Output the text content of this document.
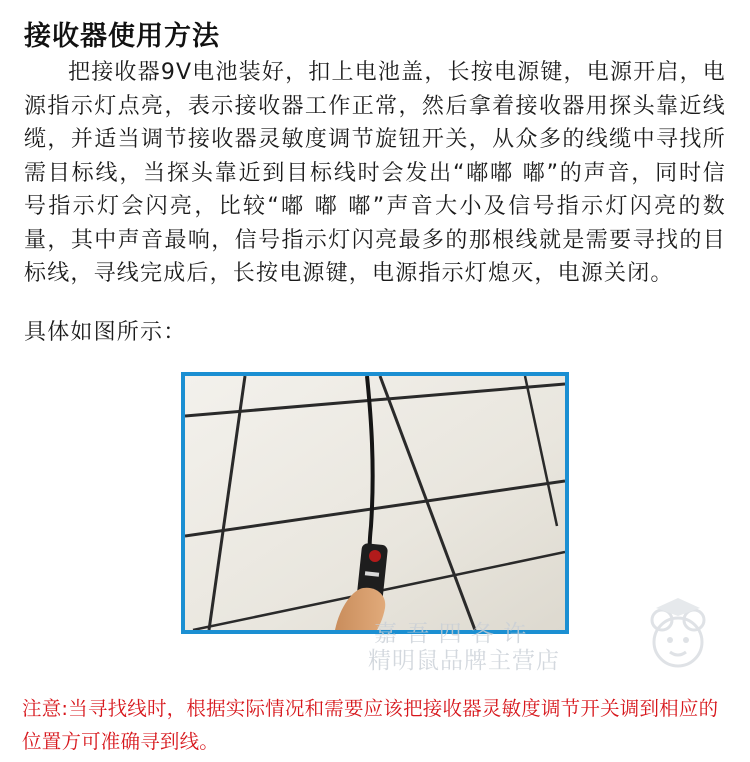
接收器使用方法
把接收器9V电池装好，扣上电池盖，长按电源键，电源开启，电源指示灯点亮，表示接收器工作正常，然后拿着接收器用探头靠近线缆，并适当调节接收器灵敏度调节旋钮开关，从众多的线缆中寻找所需目标线，当探头靠近到目标线时会发出“嘟嘟 嘟”的声音，同时信号指示灯会闪亮，比较“嘟 嘟 嘟”声音大小及信号指示灯闪亮的数量，其中声音最响，信号指示灯闪亮最多的那根线就是需要寻找的目标线，寻线完成后，长按电源键，电源指示灯熄灭，电源关闭。
具体如图所示：
嘉 吾 四 各 许
精明鼠品牌主营店
注意:当寻找线时，根据实际情况和需要应该把接收器灵敏度调节开关调到相应的位置方可准确寻到线。
